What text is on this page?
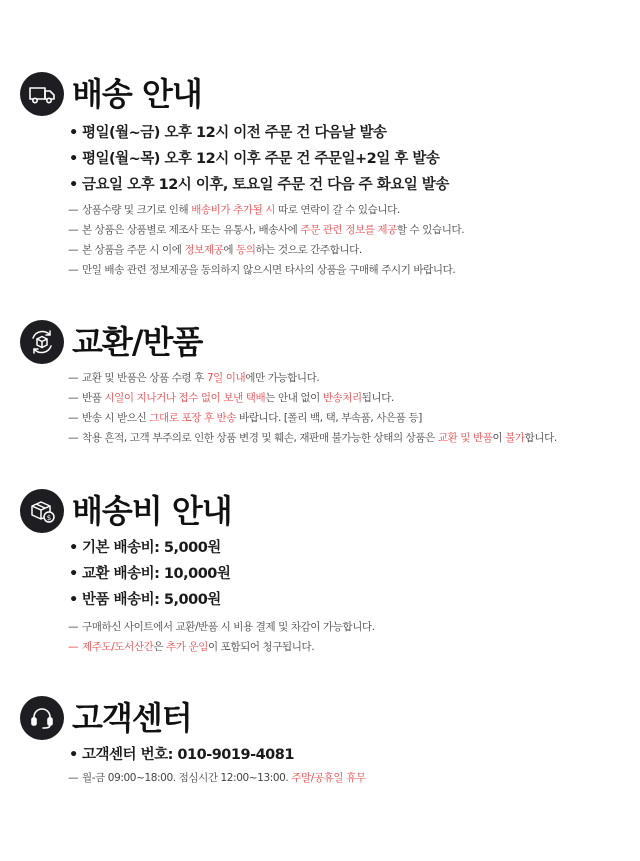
배송 안내
• 평일(월~금) 오후 12시 이전 주문 건 다음날 발송
• 평일(월~목) 오후 12시 이후 주문 건 주문일+2일 후 발송
• 금요일 오후 12시 이후, 토요일 주문 건 다음 주 화요일 발송
— 상품수량 및 크기로 인해 배송비가 추가될 시 따로 연락이 갈 수 있습니다.
— 본 상품은 상품별로 제조사 또는 유통사, 배송사에 주문 관련 정보를 제공할 수 있습니다.
— 본 상품을 주문 시 이에 정보제공에 동의하는 것으로 간주합니다.
— 만일 배송 관련 정보제공을 동의하지 않으시면 타사의 상품을 구매해 주시기 바랍니다.
교환/반품
— 교환 및 반품은 상품 수령 후 7일 이내에만 가능합니다.
— 반품 시일이 지나거나 접수 없이 보낸 택배는 안내 없이 반송처리됩니다.
— 반송 시 받으신 그대로 포장 후 반송 바랍니다. [폴리 백, 택, 부속품, 사은품 등]
— 착용 흔적, 고객 부주의로 인한 상품 변경 및 훼손, 재판매 불가능한 상태의 상품은 교환 및 반품이 불가합니다.
$ 배송비 안내
• 기본 배송비: 5,000원
• 교환 배송비: 10,000원
• 반품 배송비: 5,000원
— 구매하신 사이트에서 교환/반품 시 비용 결제 및 차감이 가능합니다.
— 제주도/도서산간은 추가 운임이 포함되어 청구됩니다.
고객센터
• 고객센터 번호: 010-9019-4081
— 월-금 09:00~18:00. 점심시간 12:00~13:00. 주말/공휴일 휴무
